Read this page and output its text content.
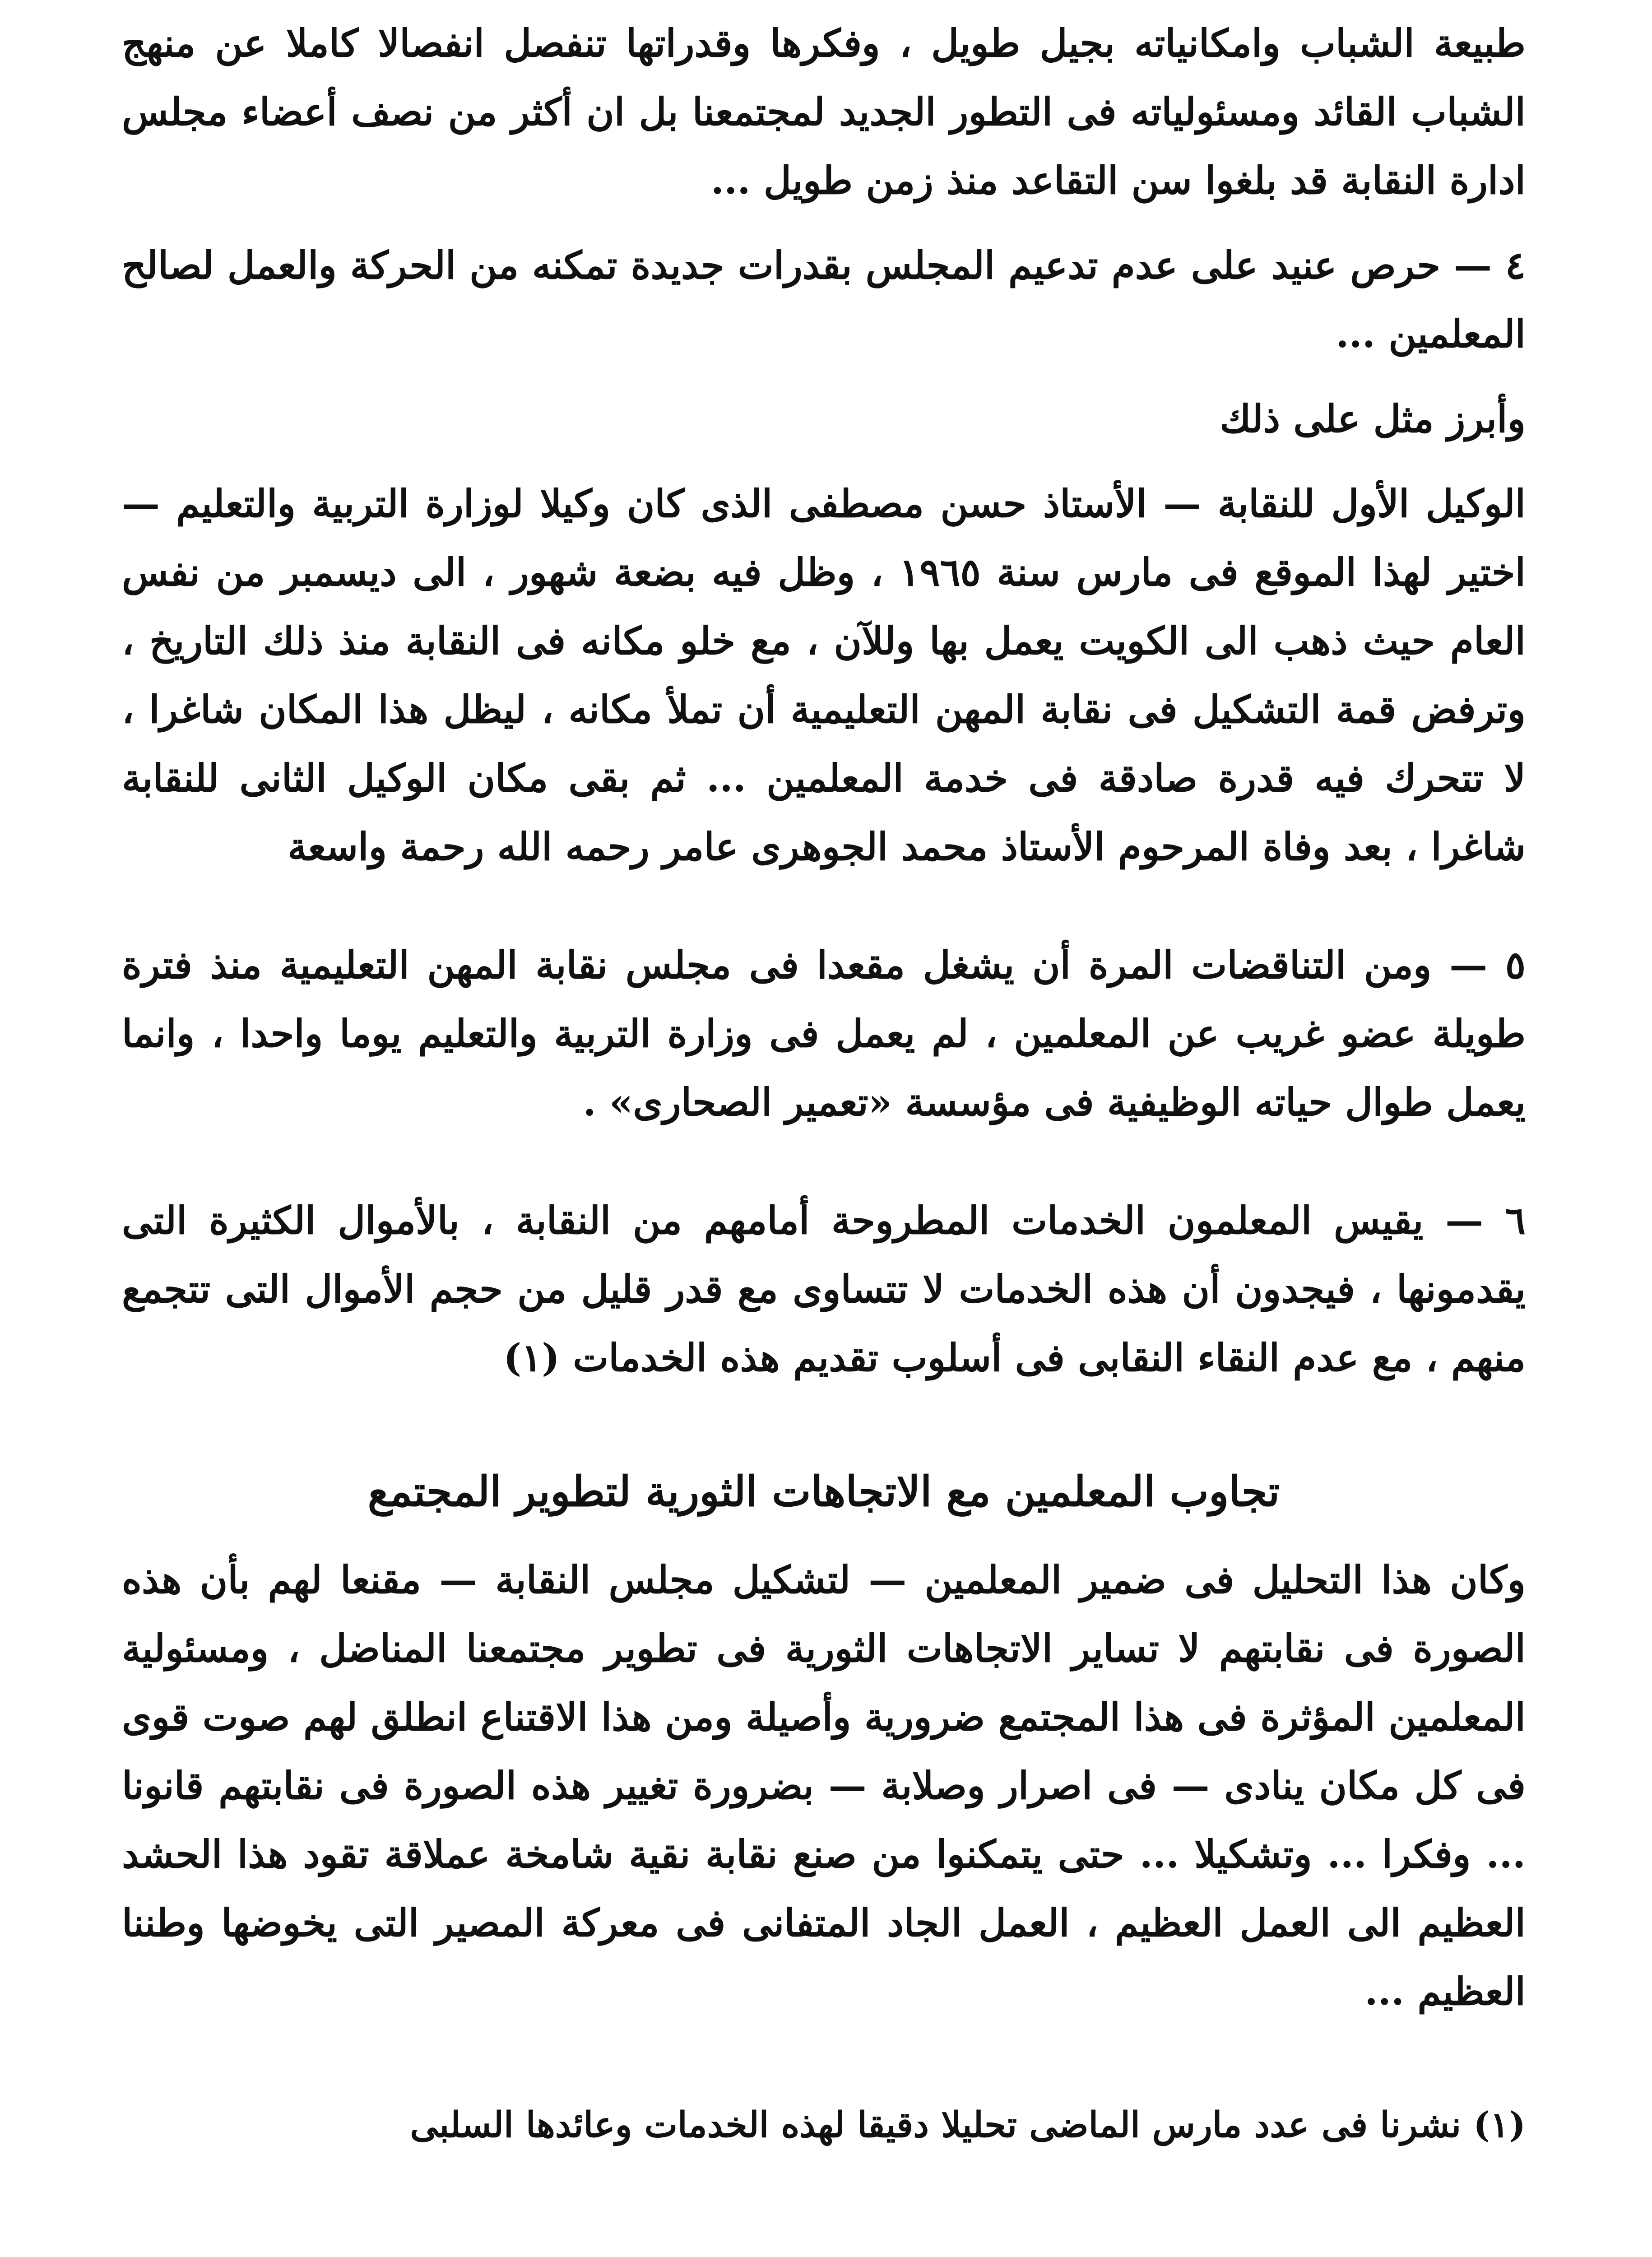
طبيعة الشباب وامكانياته بجيل طويل ، وفكرها وقدراتها تنفصل انفصالا كاملا عن منهج الشباب القائد ومسئولياته فى التطور الجديد لمجتمعنا بل ان أكثر من نصف أعضاء مجلس ادارة النقابة قد بلغوا سن التقاعد منذ زمن طويل ...

٤ — حرص عنيد على عدم تدعيم المجلس بقدرات جديدة تمكنه من الحركة والعمل لصالح المعلمين ...

وأبرز مثل على ذلك

الوكيل الأول للنقابة — الأستاذ حسن مصطفى الذى كان وكيلا لوزارة التربية والتعليم — اختير لهذا الموقع فى مارس سنة ١٩٦٥ ، وظل فيه بضعة شهور ، الى ديسمبر من نفس العام حيث ذهب الى الكويت يعمل بها وللآن ، مع خلو مكانه فى النقابة منذ ذلك التاريخ ، وترفض قمة التشكيل فى نقابة المهن التعليمية أن تملأ مكانه ، ليظل هذا المكان شاغرا ، لا تتحرك فيه قدرة صادقة فى خدمة المعلمين ... ثم بقى مكان الوكيل الثانى للنقابة شاغرا ، بعد وفاة المرحوم الأستاذ محمد الجوهرى عامر رحمه الله رحمة واسعة

٥ — ومن التناقضات المرة أن يشغل مقعدا فى مجلس نقابة المهن التعليمية منذ فترة طويلة عضو غريب عن المعلمين ، لم يعمل فى وزارة التربية والتعليم يوما واحدا ، وانما يعمل طوال حياته الوظيفية فى مؤسسة «تعمير الصحارى» .

٦ — يقيس المعلمون الخدمات المطروحة أمامهم من النقابة ، بالأموال الكثيرة التى يقدمونها ، فيجدون أن هذه الخدمات لا تتساوى مع قدر قليل من حجم الأموال التى تتجمع منهم ، مع عدم النقاء النقابى فى أسلوب تقديم هذه الخدمات (١)

تجاوب المعلمين مع الاتجاهات الثورية لتطوير المجتمع

وكان هذا التحليل فى ضمير المعلمين — لتشكيل مجلس النقابة — مقنعا لهم بأن هذه الصورة فى نقابتهم لا تساير الاتجاهات الثورية فى تطوير مجتمعنا المناضل ، ومسئولية المعلمين المؤثرة فى هذا المجتمع ضرورية وأصيلة ومن هذا الاقتناع انطلق لهم صوت قوى فى كل مكان ينادى — فى اصرار وصلابة — بضرورة تغيير هذه الصورة فى نقابتهم قانونا ... وفكرا ... وتشكيلا ... حتى يتمكنوا من صنع نقابة نقية شامخة عملاقة تقود هذا الحشد العظيم الى العمل العظيم ، العمل الجاد المتفانى فى معركة المصير التى يخوضها وطننا العظيم ...

(١) نشرنا فى عدد مارس الماضى تحليلا دقيقا لهذه الخدمات وعائدها السلبى
